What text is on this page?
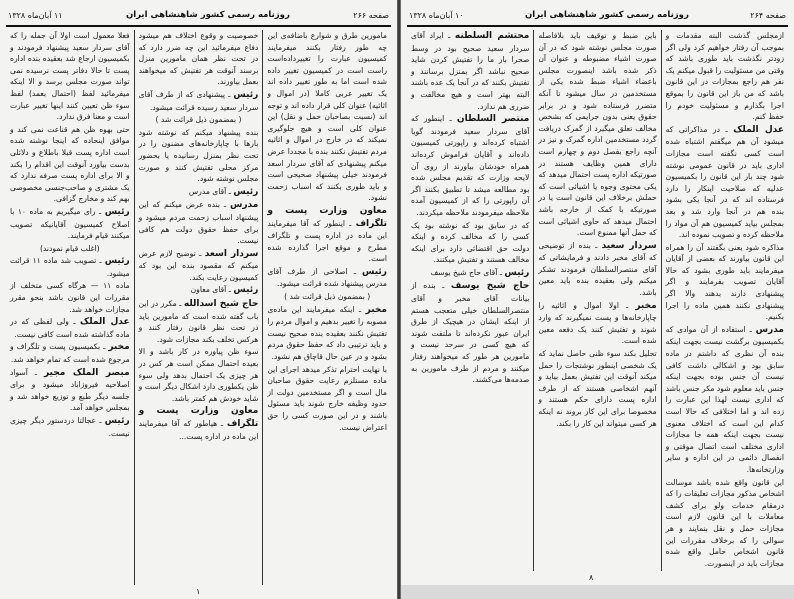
صفحه ۲۶۶
روزنامه رسمی کشور شاهنشاهی ایران
۱۱ آبان‌ماه ۱۳۲۸

مامورین طرق و شوارع باضافه‌ی این چه طور رفتار بکنند میفرمایند کمیسیون عبارت را تغییرداده‌است راست است در کمیسیون تغییر داده شده است اما به طور تغییر داده اند یک تغییر عربی کاملا (در اموال و اثاثیه) عنوان کلی قرار داده اند و توجه اند (نسبت بصاحبان حمل و نقل) این عنوان کلی است و هیچ جلوگیری نمیکند که در خارج در اموال و اثاثیه مردم تفتیش نکنند بنده با مجددا عرض میکنم پیشنهادی که آقای سردار اسعد فرمودند خیلی پیشنهاد صحیحی است و باید طوری بکنند که اسباب زحمت نشود.

معاون وزارت پست و تلگراف ـ اینطور که آقا میفرمایند این ماده در اداره پست و تلگراف مطرح و موقع اجرا گذارده شده است.

رئیس ـ اصلاحی از طرف آقای مدرس پیشنهاد شده قرائت میشود.

( بمضمون ذیل قرائت شد )

مخبر ـ اینکه میفرمایند این ماده‌ی مصوبه را تغییر بدهیم و اموال مردم را تفتیش نکنند بعقیده بنده صحیح نیست و باید ترتیبی داد که حفظ حقوق مردم بشود و در عین حال قاچاق هم نشود.

با نهایت احترام تذکر میدهد اجرای این ماده مستلزم رعایت حقوق صاحبان مال است و اگر مستخدمین دولت از حدود وظیفه خارج شوند باید مسئول باشند و در این صورت کسی را حق اعتراض نیست.

خصوصیت و وقوع اختلاف هم میشود دفاع میفرمائید این چه ضرر دارد که در تحت نظر همان مامورین منزل برسند آنوقت هر تفتیش که میخواهند بعمل بیاورند.

رئیس ـ پیشنهادی که از طرف آقای سردار سعید رسیده قرائت میشود.

( بمضمون ذیل قرائت شد )

بنده پیشنهاد میکنم که نوشته شود بارها با چاپارخانه‌های مضنون را در تحت نظر بمنزل رسانیده یا بحضور مرکز محلی تفتیش کنند و صورت مجلس نوشته شود.

رئیس ـ آقای مدرس

مدرس ـ بنده عرض میکنم که این پیشنهاد اسباب زحمت مردم میشود و برای حفظ حقوق دولت هم کافی نیست.

سردار اسعد ـ توضیح لازم عرض میکنم که مقصود بنده این بود که کمیسیون رعایت بکند.

رئیس ـ آقای معاون

حاج شیخ اسدالله ـ مکرر در این باب گفته شده است که مامورین باید در تحت نظر قانون رفتار کنند و هرکس تخلف بکند مجازات شود.

سوء ظن پیاوره در کار باشد و الا بعیده احتمال ممکن است هر کس در هر چیزی یک احتمال بدهد ولی سوء ظن یکطوری دارد اشکال دیگر است و شاید خودش هم کمتر باشد.

معاون وزارت پست و تلگراف ـ هیاطور که آقا میفرمایند این ماده در اداره پست...

فعلا معمول است اولا آن جمله را که آقای سردار سعید پیشنهاد فرمودند و بکمیسیون ارجاع شد بعقیده بنده اداره پست تا حالا دفاتر پست نرسیده نمی تواند صورت مجلس برسد و الا اینکه میفرمائید لفظ (احتمال بعمد) لفظ سوء ظن تعیین کنند اینها تغییر عبارت است و معنا فرق ندارد.

حتی بهوه ظن هم قناعت نمی کند و موافق اینحاده که اینجا نوشته شده است اداره پست قبلا باطلاع و دلائلی بدست بیاورد آنوقت این اقدام را بکند و الا برای اداره پست صرفه ندارد که یک مشتری و صاحب‌جنسی مخصوصی بهم کند و مخارج گزافی.

رئیس ـ رای میگیریم به ماده ۱۰ با اصلاح کمیسیون آقایانیکه تصویب میکنند قیام فرمایند.

(اغلب قیام نمودند)

رئیس ـ تصویب شد ماده ۱۱ قرائت میشود.

ماده ۱۱ — هرگاه کسی متخلف از مقررات این قانون باشد بنحو مقرر مجازات خواهد شد.

عدل الملک ـ ولی لفظی که در ماده گذاشته شده است کافی نیست.

مخبر ـ بکمیسیون پست و تلگراف و مرجوع شده است که تمام خواهد شد.

مبصر الملک مجیر ـ آسواد اصلاحیه فیروزاباد میشود و برای جلسه دیگر طبع و توزیع خواهد شد و بمجلس خواهد آمد.

رئیس ـ عجالتا دردستور دیگر چیزی نیست.

۱
صفحه ۲۶۴
روزنامه رسمی کشور شاهنشاهی ایران
۱۰ آبان‌ماه ۱۳۲۸

ازمجلس گذشت البته مقدمات و بموجب آن رفتار خواهیم کرد ولی اگر زودتر نگذشت باید طوری باشد که وقتی من مسئولیت را قبول میکنم یک نفر هم راجع بمجازات در این قانون باشد که من باز این قانون را بموقع اجرا بگذارم و مسئولیت خودم را حفظ کنم.

عدل الملک ـ در مذاکراتی که میشود آن هم میگفتم اشتباه شده است کسی نگفته است مجازات اداری باید در قانون عمومی نوشته شود چند بار این قانون را بکمیسیون عدلیه که صلاحیت اینکار را دارد فرستاده اند که در آنجا یکی بشود بنده هم در آنجا وارد شد و بعد بمجلس بیاید کمیسیون هم آن مواد را ملاحظه کرده و تصویب نموده اند.

مذاکره شود یعنی بگفتند آن را همراه این قانون بیاورند که بعضی از آقایان میفرمایند باید طوری بشود که حالا آقایان تصویب بفرمایند و اگر پیشنهادی دارند بدهند والا اگر پیشنهادی نکنند همین ماده را اجرا بکنیم.

مدرس ـ استفاده از آن موادی که بکمیسیون برگشت نیست بجهت اینکه بنده آن نظری که داشتم در ماده سابق بود و اشکالی داشت کافی نیست آن جنس بوده بجهت اینکه جنس باید معلوم شود مکر جنس باشد که اداری نیست لهذا این عبارت را زده اند و اما اختلافی که حالا است کدام این است که اختلاف معنوی نیست بجهت اینکه همه جا مجازات اداری مختلف است اتصال موقتی و انفصال دائمی در این اداره و سایر وزارتخانه‌ها.

این قانون واقع شده باشد موسالت اشخاص مذکور مجازات تعلیقات را که درمقام خدمات ولو برای کشف معاملات با این قانون لازم است مجازات حمل و نقل بنمایند و هر سوالی را که برخلاف مقررات این قانون اشخاص حامل واقع شده مجازات باید در اینصورت.

باین ضبط و توقیف باید بلافاصله صورت مجلس نوشته شود که در آن صورت اشیاء مضبوطه و عنوان آن ذکر شده باشد اینصورت مجلس باعضاء اشیاء ضبط شده یکی از مستخدمین در سال میشود تا آنکه متضرر فرستاده شود و در برابر حقوق یعنی بدون جرایمی که بشخص مخالف تعلق میگیرد از گمرک دریافت گردد مستخدمین اداره گمرک و نیز در آنچه راجع بفصل دوم و چهارم است دارای همین وظایف هستند در صورتیکه اداره پست احتمال میدهد که یکی محتوی وجوه یا اشیائی است که حملش برخلاف این قانون است یا در صورتیکه با کمک از خارجه باشد احتمال میدهد که حاوی اشیائی است که حمل آنها ممنوع است.

سردار سعید ـ بنده از توضیحی که آقای مخبر دادند و فرمایشاتی که آقای منتصرالسلطان فرمودند تشکر میکنم ولی بعقیده بنده باید معین باشد.

مخبر ـ اولا اموال و اثاثیه را چاپارخانه‌ها و پست نمیگیرند که وارد شوند و تفتیش کنند یک دفعه معین شده است.

تحلیل بکند سوء ظنی حاصل نماید که یک شخصی اینطور نوشتجات را حمل میکند آنوقت این تفتیش بعمل بیاید و آنهم اشخاصی هستند که از طرف اداره پست دارای حکم هستند و مخصوصا برای این کار بروند نه اینکه هر کسی میتواند این کار را بکند.

محتشم السلطنه ـ ایراد آقای سردار سعید صحیح بود در وسط صحرا بار ما را تفتیش کردن شاید صحیح نباشد اگر بمنزل برسانند و تفتیش بکنند که در آنجا یک عده باشند البته بهتر است و هیچ مخالفت و ضرری هم ندارد.

منتصر السلطان ـ اینطور که آقای سردار سعید فرمودند گویا اشتباه کرده‌اند و راپورتی کمیسیون داده‌اند و آقایان فراموش کرده‌اند همراه خودشان بیاورند از روی آن لایحه وزارت که تقدیم مجلس شده بود مطالعه میشد تا تطبیق بکنند اگر آن راپورتی را که از کمیسیون آمده ملاحظه میفرمودند ملاحظه میکردند.

که در سابق بود که نوشته بود یک کسی را که مخالف کرده و اینکه دولت حق اقتضائی دارد برای اینکه مخالف هستند و تفتیش میکنند.

رئیس ـ آقای حاج شیخ یوسف

حاج شیخ یوسف ـ بنده از بیانات آقای مخبر و آقای منتصرالسلطان خیلی متعجب هستم از اینکه ایشان در هیچیک از طرق ایران عبور نکرده‌اند تا ملتفت شوند که هیچ کسی در سرحد نیست و مامورین هر طور که میخواهند رفتار میکنند و مردم از طرف مامورین به صدمه‌ها می‌کشند.

۸
